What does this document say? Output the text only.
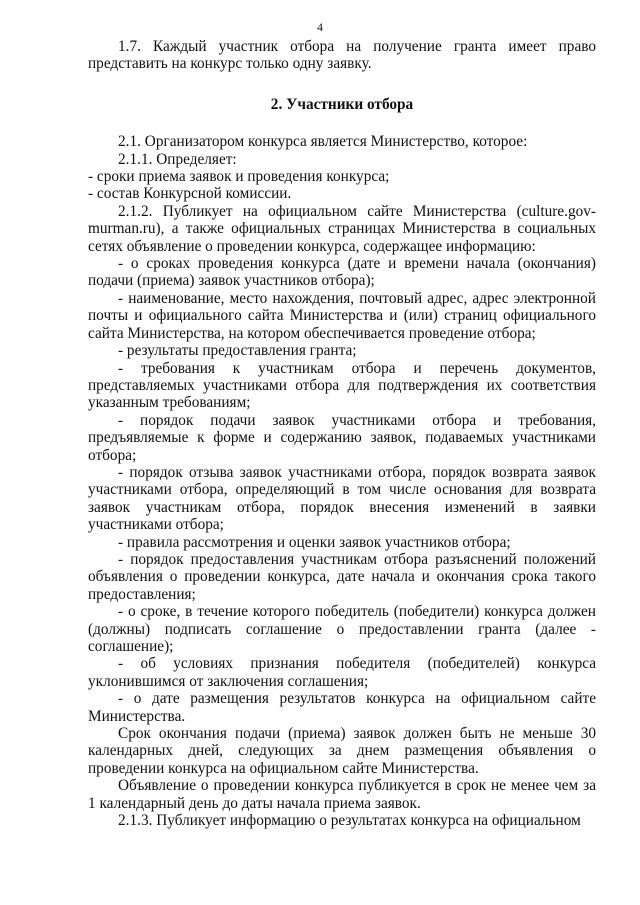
4

1.7. Каждый участник отбора на получение гранта имеет право представить на конкурс только одну заявку.

2. Участники отбора

2.1. Организатором конкурса является Министерство, которое:

2.1.1. Определяет:

- сроки приема заявок и проведения конкурса;

- состав Конкурсной комиссии.

2.1.2. Публикует на официальном сайте Министерства (culture.gov-murman.ru), а также официальных страницах Министерства в социальных сетях объявление о проведении конкурса, содержащее информацию:

- о сроках проведения конкурса (дате и времени начала (окончания) подачи (приема) заявок участников отбора);

- наименование, место нахождения, почтовый адрес, адрес электронной почты и официального сайта Министерства и (или) страниц официального сайта Министерства, на котором обеспечивается проведение отбора;

- результаты предоставления гранта;

- требования к участникам отбора и перечень документов, представляемых участниками отбора для подтверждения их соответствия указанным требованиям;

- порядок подачи заявок участниками отбора и требования, предъявляемые к форме и содержанию заявок, подаваемых участниками отбора;

- порядок отзыва заявок участниками отбора, порядок возврата заявок участниками отбора, определяющий в том числе основания для возврата заявок участникам отбора, порядок внесения изменений в заявки участниками отбора;

- правила рассмотрения и оценки заявок участников отбора;

- порядок предоставления участникам отбора разъяснений положений объявления о проведении конкурса, дате начала и окончания срока такого предоставления;

- о сроке, в течение которого победитель (победители) конкурса должен (должны) подписать соглашение о предоставлении гранта (далее - соглашение);

- об условиях признания победителя (победителей) конкурса уклонившимся от заключения соглашения;

- о дате размещения результатов конкурса на официальном сайте Министерства.

Срок окончания подачи (приема) заявок должен быть не меньше 30 календарных дней, следующих за днем размещения объявления о проведении конкурса на официальном сайте Министерства.

Объявление о проведении конкурса публикуется в срок не менее чем за 1 календарный день до даты начала приема заявок.

2.1.3. Публикует информацию о результатах конкурса на официальном
